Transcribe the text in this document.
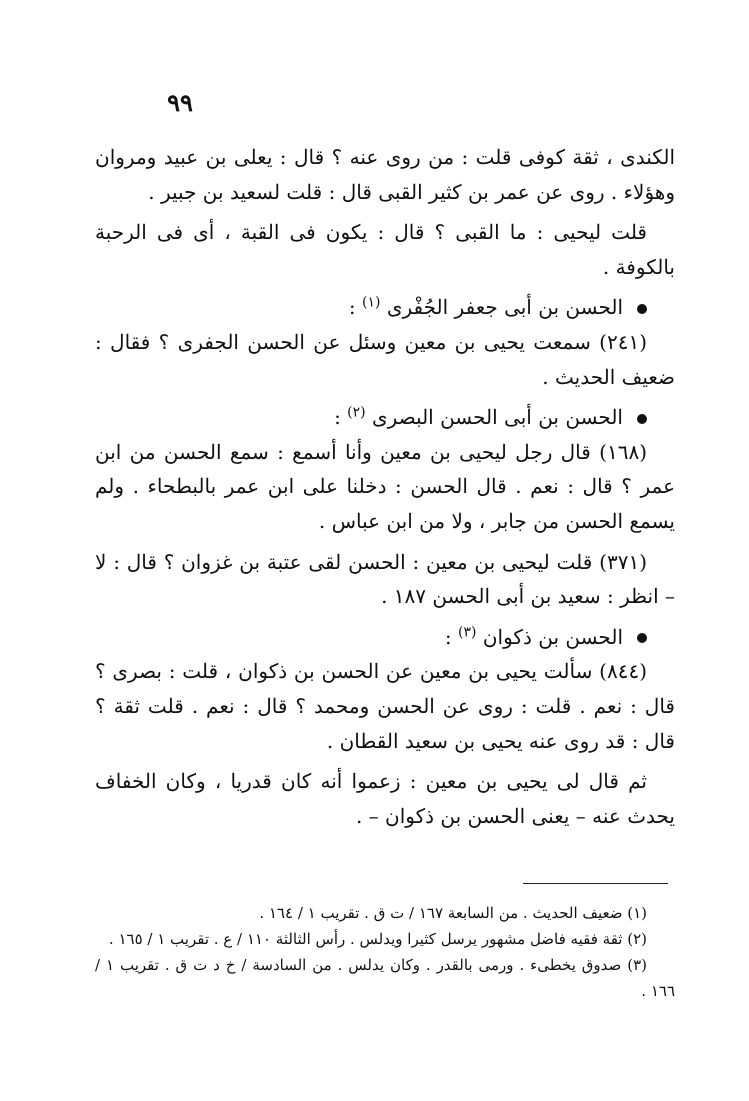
٩٩

الكندى ، ثقة كوفى قلت : من روى عنه ؟ قال : يعلى بن عبيد ومروان وهؤلاء . روى عن عمر بن كثير القبى قال : قلت لسعيد بن جبير .

قلت ليحيى : ما القبى ؟ قال : يكون فى القبة ، أى فى الرحبة بالكوفة .

الحسن بن أبى جعفر الجُفْرى $^{(١)}$ :

(٢٤١) سمعت يحيى بن معين وسئل عن الحسن الجفرى ؟ فقال : ضعيف الحديث .

الحسن بن أبى الحسن البصرى $^{(٢)}$ :

(١٦٨) قال رجل ليحيى بن معين وأنا أسمع : سمع الحسن من ابن عمر ؟ قال : نعم . قال الحسن : دخلنا على ابن عمر بالبطحاء . ولم يسمع الحسن من جابر ، ولا من ابن عباس .

(٣٧١) قلت ليحيى بن معين : الحسن لقى عتبة بن غزوان ؟ قال : لا – انظر : سعيد بن أبى الحسن ١٨٧ .

الحسن بن ذكوان $^{(٣)}$ :

(٨٤٤) سألت يحيى بن معين عن الحسن بن ذكوان ، قلت : بصرى ؟ قال : نعم . قلت : روى عن الحسن ومحمد ؟ قال : نعم . قلت ثقة ؟ قال : قد روى عنه يحيى بن سعيد القطان .

ثم قال لى يحيى بن معين : زعموا أنه كان قدريا ، وكان الخفاف يحدث عنه – يعنى الحسن بن ذكوان – .

(١) ضعيف الحديث . من السابعة ١٦٧ / ت ق . تقريب ١ / ١٦٤ .

(٢) ثقة فقيه فاضل مشهور يرسل كثيرا ويدلس . رأس الثالثة ١١٠ / ع . تقريب ١ / ١٦٥ .

(٣) صدوق يخطىء . ورمى بالقدر . وكان يدلس . من السادسة / خ د ت ق . تقريب ١ / ١٦٦ .
